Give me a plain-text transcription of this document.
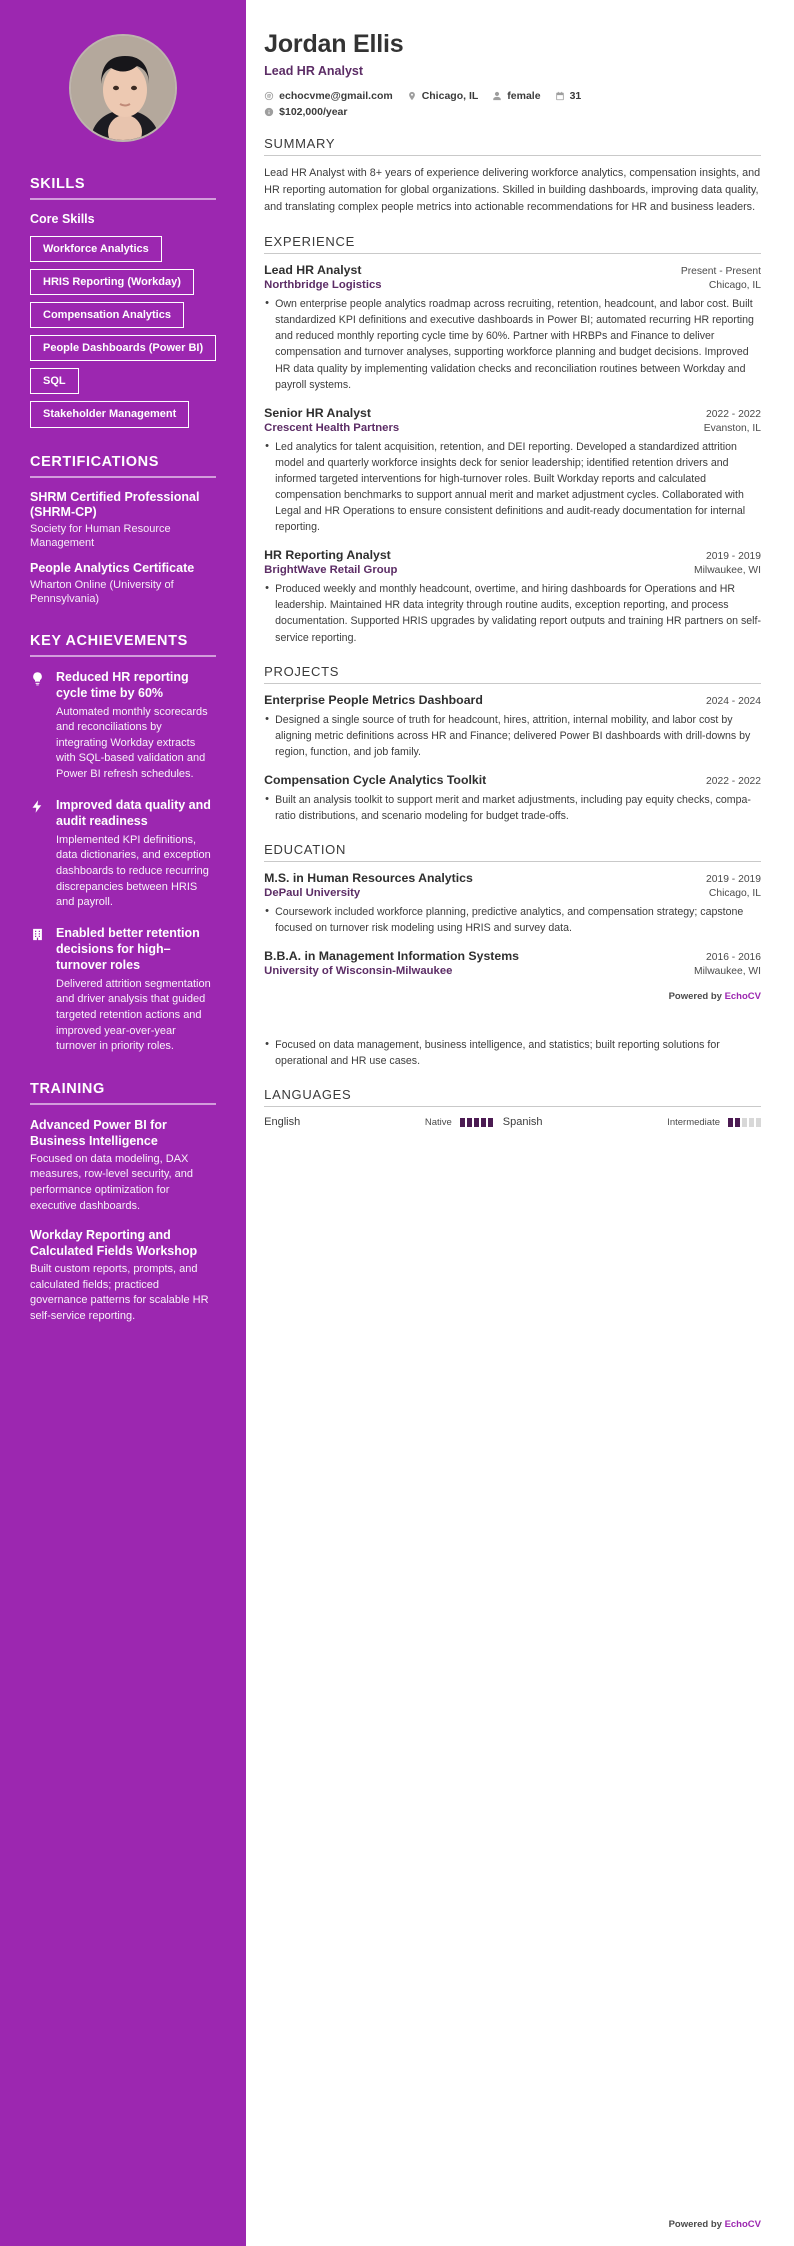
SKILLS
Core Skills
Workforce Analytics
HRIS Reporting (Workday)
Compensation Analytics
People Dashboards (Power BI)
SQL
Stakeholder Management
CERTIFICATIONS
SHRM Certified Professional (SHRM-CP)
Society for Human Resource Management
People Analytics Certificate
Wharton Online (University of Pennsylvania)
KEY ACHIEVEMENTS
Reduced HR reporting cycle time by 60%
Automated monthly scorecards and reconciliations by integrating Workday extracts with SQL-based validation and Power BI refresh schedules.
Improved data quality and audit readiness
Implemented KPI definitions, data dictionaries, and exception dashboards to reduce recurring discrepancies between HRIS and payroll.
Enabled better retention decisions for high–turnover roles
Delivered attrition segmentation and driver analysis that guided targeted retention actions and improved year-over-year turnover in priority roles.
TRAINING
Advanced Power BI for Business Intelligence
Focused on data modeling, DAX measures, row-level security, and performance optimization for executive dashboards.
Workday Reporting and Calculated Fields Workshop
Built custom reports, prompts, and calculated fields; practiced governance patterns for scalable HR self-service reporting.
Jordan Ellis
Lead HR Analyst
echocvme@gmail.com	Chicago, IL	female	31
$102,000/year
SUMMARY
Lead HR Analyst with 8+ years of experience delivering workforce analytics, compensation insights, and HR reporting automation for global organizations. Skilled in building dashboards, improving data quality, and translating complex people metrics into actionable recommendations for HR and business leaders.
EXPERIENCE
Lead HR Analyst	Present - Present
Northbridge Logistics	Chicago, IL
• Own enterprise people analytics roadmap across recruiting, retention, headcount, and labor cost. Built standardized KPI definitions and executive dashboards in Power BI; automated recurring HR reporting and reduced monthly reporting cycle time by 60%. Partner with HRBPs and Finance to deliver compensation and turnover analyses, supporting workforce planning and budget decisions. Improved HR data quality by implementing validation checks and reconciliation routines between Workday and payroll systems.
Senior HR Analyst	2022 - 2022
Crescent Health Partners	Evanston, IL
• Led analytics for talent acquisition, retention, and DEI reporting. Developed a standardized attrition model and quarterly workforce insights deck for senior leadership; identified retention drivers and informed targeted interventions for high-turnover roles. Built Workday reports and calculated compensation benchmarks to support annual merit and market adjustment cycles. Collaborated with Legal and HR Operations to ensure consistent definitions and audit-ready documentation for internal reporting.
HR Reporting Analyst	2019 - 2019
BrightWave Retail Group	Milwaukee, WI
• Produced weekly and monthly headcount, overtime, and hiring dashboards for Operations and HR leadership. Maintained HR data integrity through routine audits, exception reporting, and process documentation. Supported HRIS upgrades by validating report outputs and training HR partners on self-service reporting.
PROJECTS
Enterprise People Metrics Dashboard	2024 - 2024
• Designed a single source of truth for headcount, hires, attrition, internal mobility, and labor cost by aligning metric definitions across HR and Finance; delivered Power BI dashboards with drill-downs by region, function, and job family.
Compensation Cycle Analytics Toolkit	2022 - 2022
• Built an analysis toolkit to support merit and market adjustments, including pay equity checks, compa-ratio distributions, and scenario modeling for budget trade-offs.
EDUCATION
M.S. in Human Resources Analytics	2019 - 2019
DePaul University	Chicago, IL
• Coursework included workforce planning, predictive analytics, and compensation strategy; capstone focused on turnover risk modeling using HRIS and survey data.
B.B.A. in Management Information Systems	2016 - 2016
University of Wisconsin-Milwaukee	Milwaukee, WI
Powered by EchoCV
• Focused on data management, business intelligence, and statistics; built reporting solutions for operational and HR use cases.
LANGUAGES
English	Native	Spanish	Intermediate
Powered by EchoCV
